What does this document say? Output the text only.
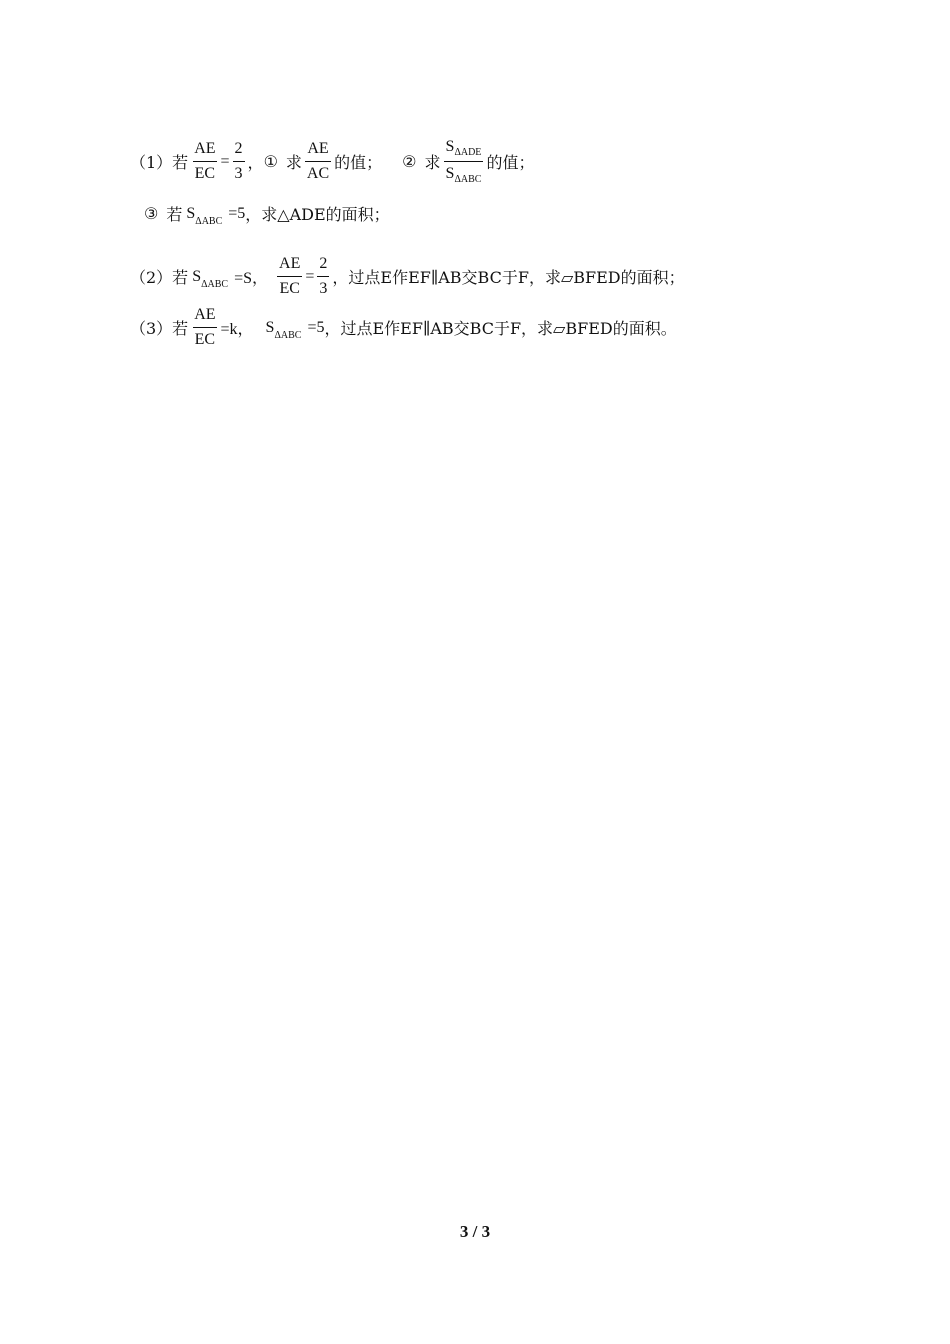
（1）若 $\frac{AE}{EC} = \frac{2}{3}$ ， ① 求 $\frac{AE}{AC}$ 的值； ② 求 $\frac{S_{\Delta ADE}}{S_{\Delta ABC}}$ 的值；
③ 若 S ΔABC =5 ，求△ADE的面积；
（2）若 S ΔABC =S， $\frac{AE}{EC} = \frac{2}{3}$ ，过点E作EF∥AB交BC于F，求▱BFED的面积；
（3）若 $\frac{AE}{EC} =k$， S ΔABC =5 ，过点E作EF∥AB交BC于F，求▱BFED的面积。
3 / 3
